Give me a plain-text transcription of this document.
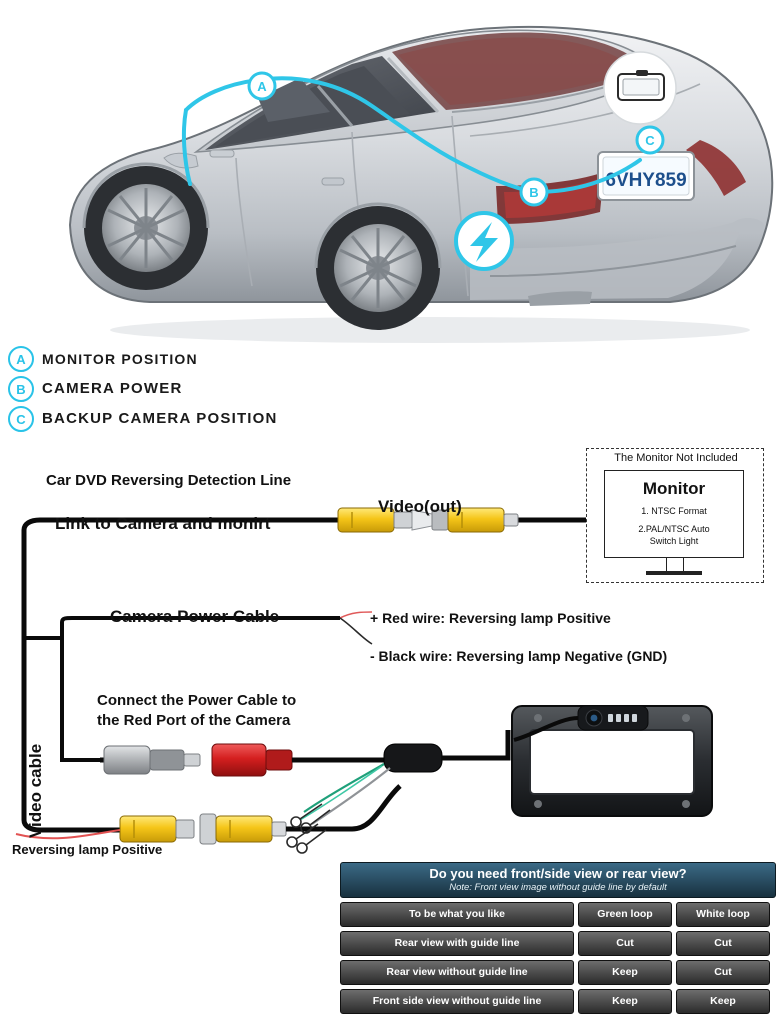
6VHY859
A
B
C
A	MONITOR POSITION
B	CAMERA POWER
C	BACKUP CAMERA POSITION
Car DVD Reversing Detection Line
Link to Camera and monirt
Video(out)
Video cable
Camera Power Cable	+ Red wire: Reversing lamp Positive
- Black wire: Reversing lamp Negative (GND)
Connect the Power Cable to
the Red Port of the Camera
Reversing lamp Positive
The Monitor Not Included
Monitor
1. NTSC Format
2.PAL/NTSC Auto
Switch Light
Do you need front/side view or rear view?
Note: Front view image without guide line by default
To be what you like	Green loop	White loop
Rear view with guide line	Cut	Cut
Rear view without guide line	Keep	Cut
Front side view without guide line	Keep	Keep
